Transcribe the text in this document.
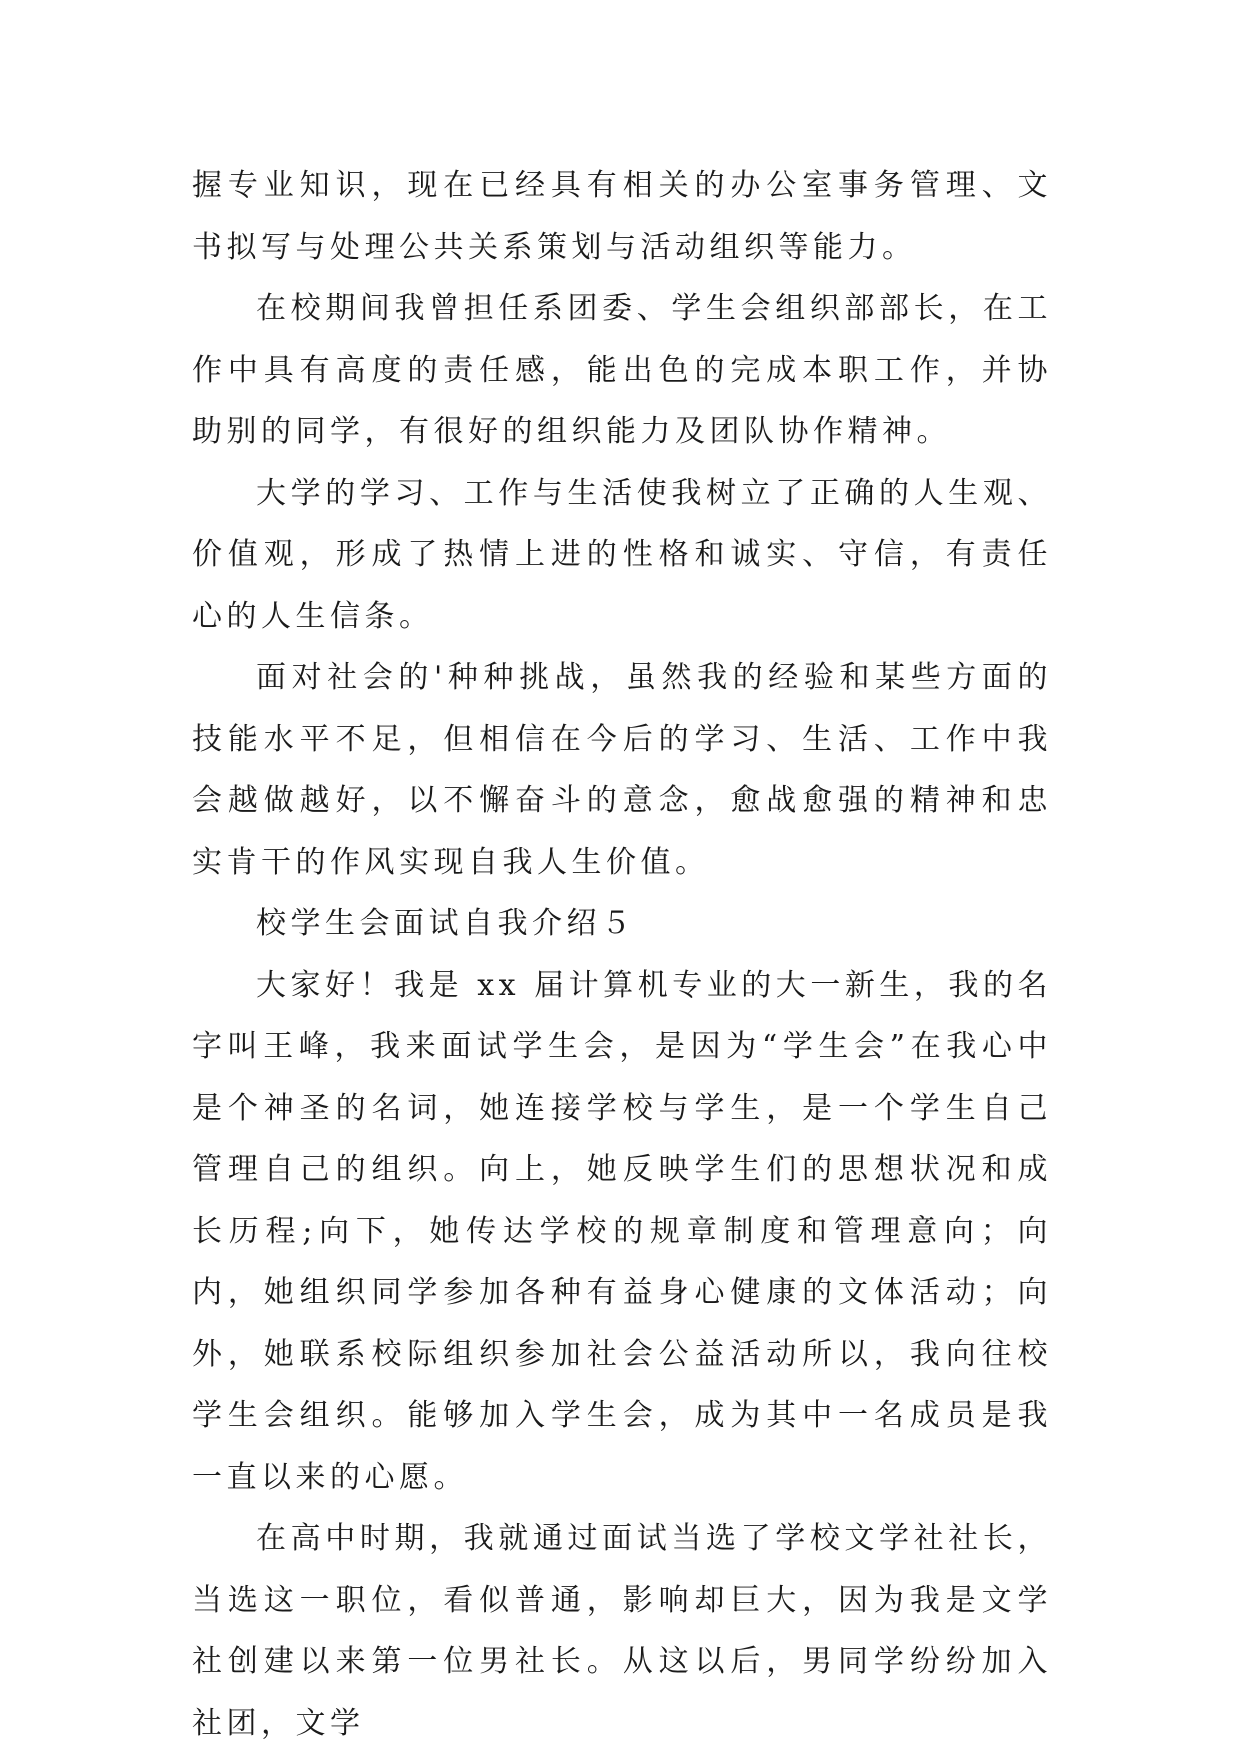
握专业知识，现在已经具有相关的办公室事务管理、文书拟写与处理公共关系策划与活动组织等能力。

在校期间我曾担任系团委、学生会组织部部长，在工作中具有高度的责任感，能出色的完成本职工作，并协助别的同学，有很好的组织能力及团队协作精神。

大学的学习、工作与生活使我树立了正确的人生观、价值观，形成了热情上进的性格和诚实、守信，有责任心的人生信条。

面对社会的'种种挑战，虽然我的经验和某些方面的技能水平不足，但相信在今后的学习、生活、工作中我会越做越好，以不懈奋斗的意念，愈战愈强的精神和忠实肯干的作风实现自我人生价值。

校学生会面试自我介绍５

大家好！我是 xx 届计算机专业的大一新生，我的名字叫王峰，我来面试学生会，是因为“学生会”在我心中是个神圣的名词，她连接学校与学生，是一个学生自己管理自己的组织。向上，她反映学生们的思想状况和成长历程;向下，她传达学校的规章制度和管理意向；向内，她组织同学参加各种有益身心健康的文体活动；向外，她联系校际组织参加社会公益活动所以，我向往校学生会组织。能够加入学生会，成为其中一名成员是我一直以来的心愿。

在高中时期，我就通过面试当选了学校文学社社长，当选这一职位，看似普通，影响却巨大，因为我是文学社创建以来第一位男社长。从这以后，男同学纷纷加入社团，文学
